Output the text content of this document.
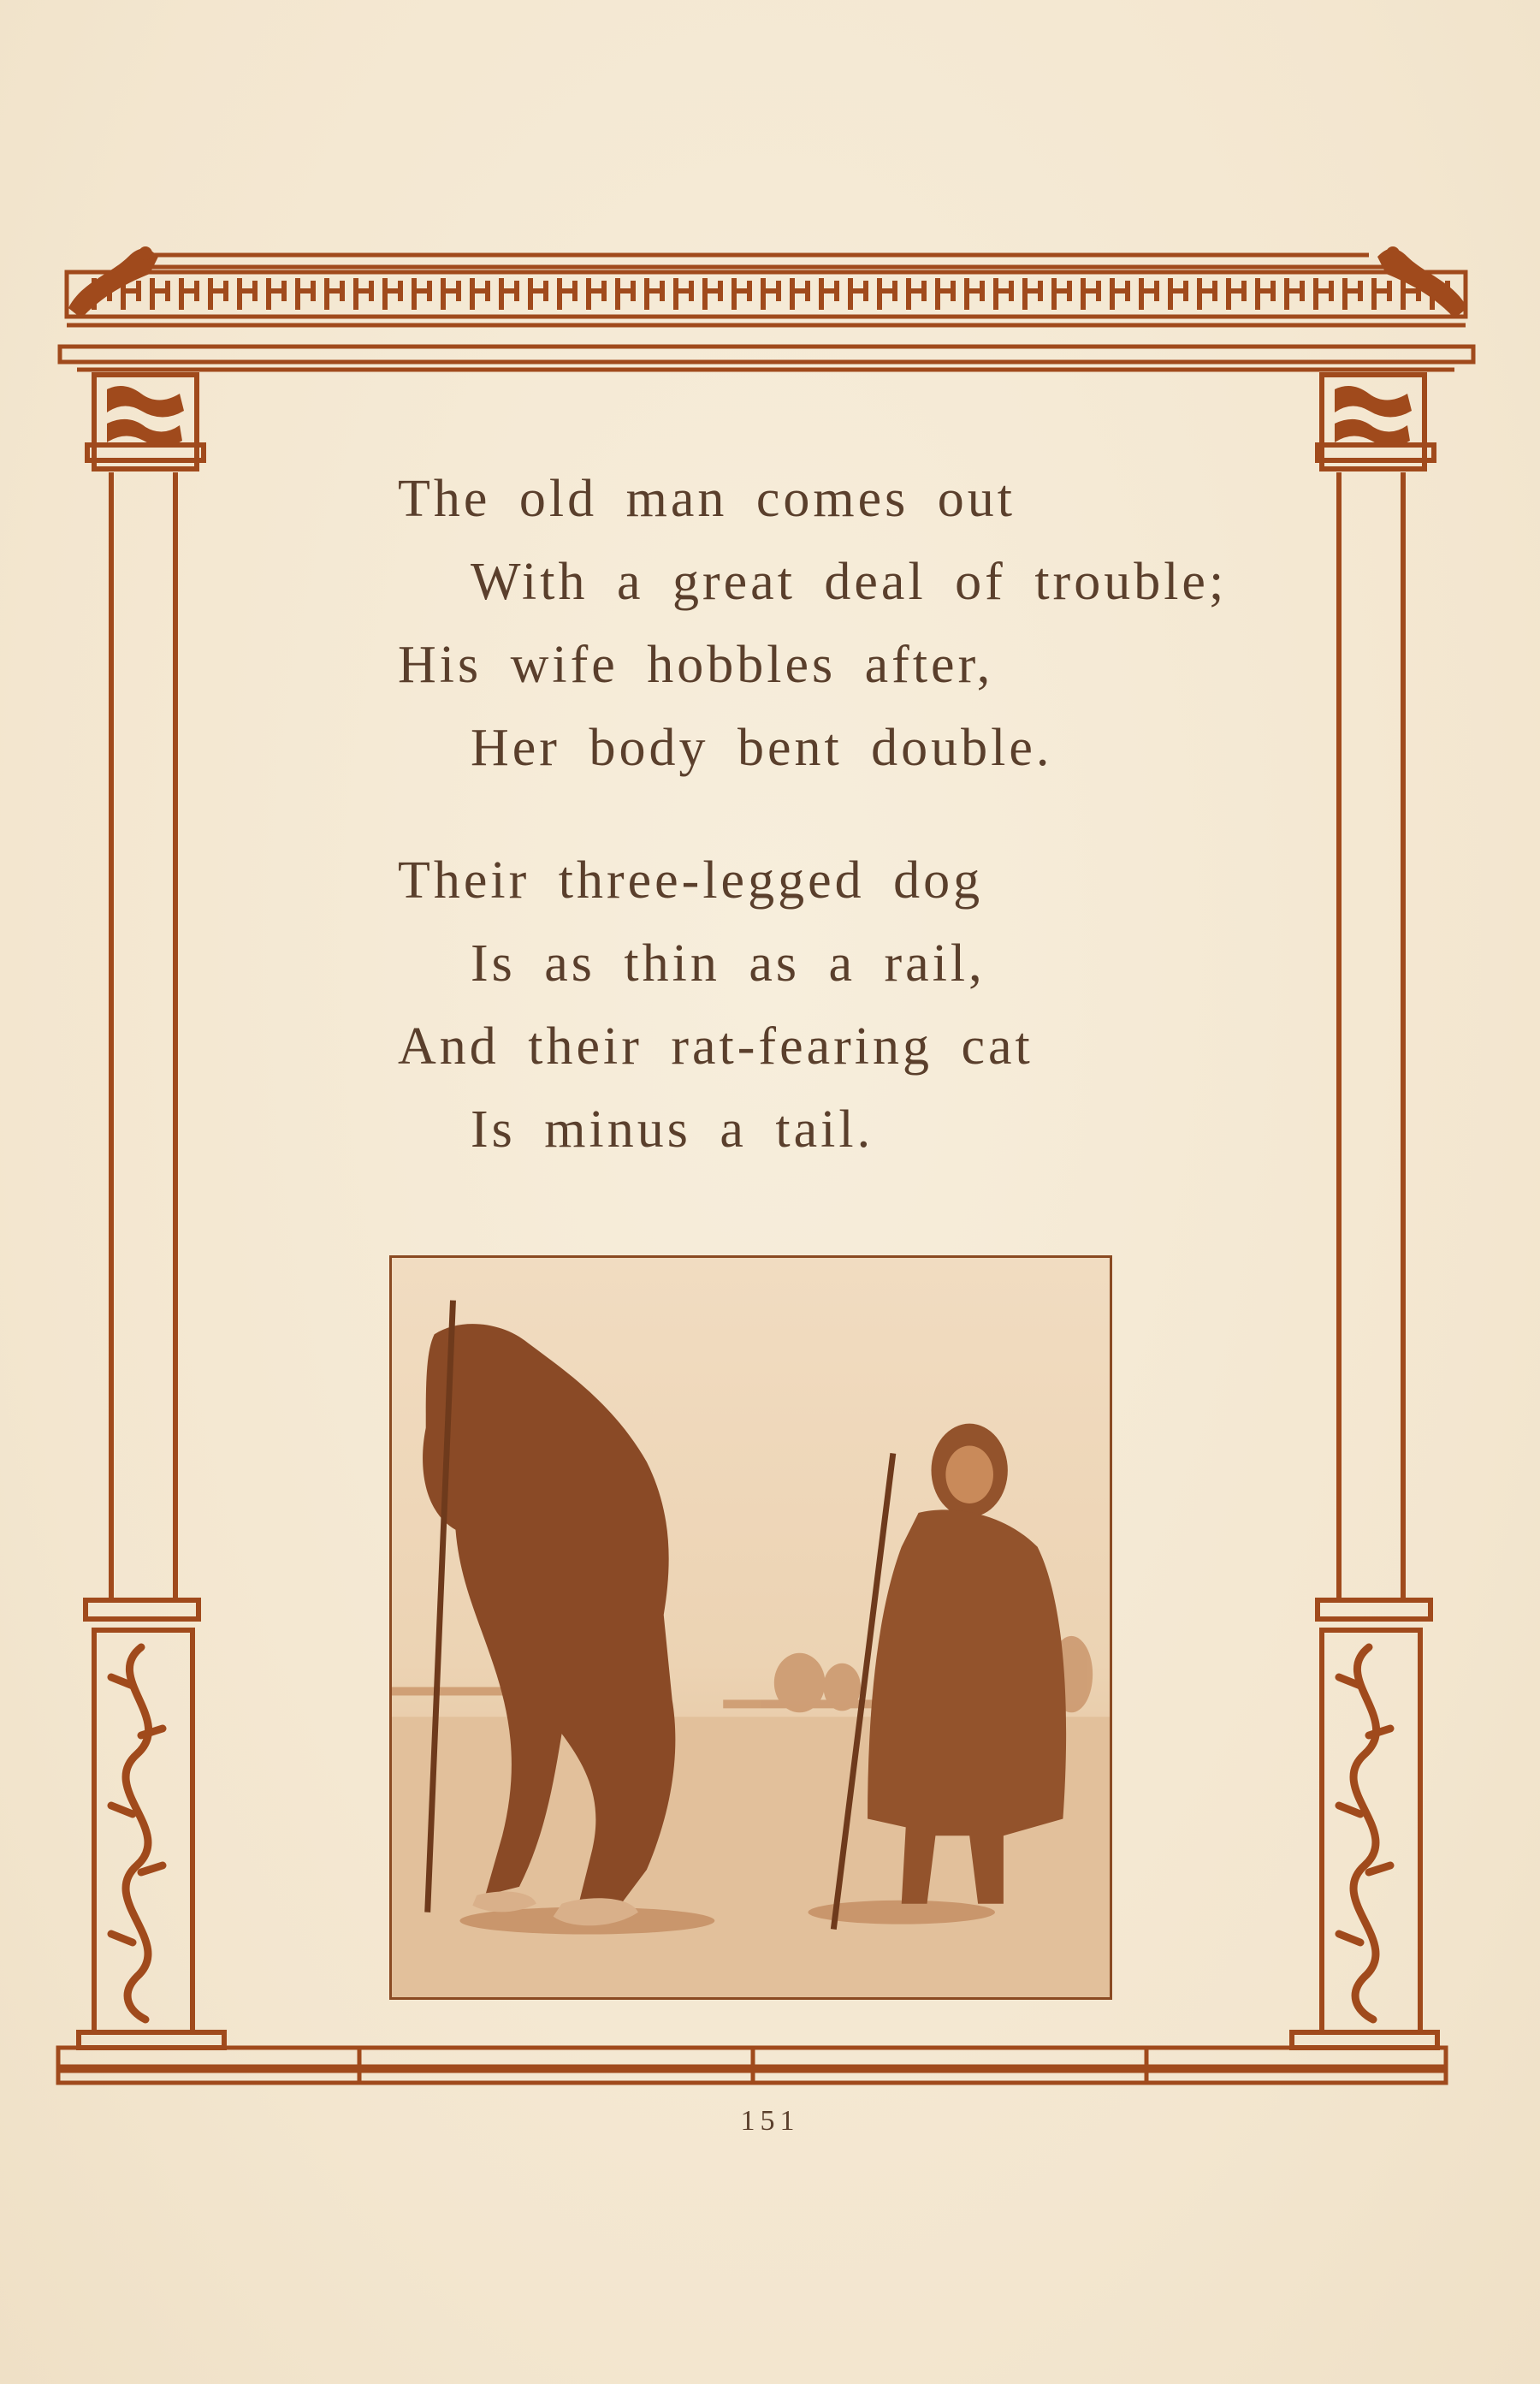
The old man comes out
With a great deal of trouble;
His wife hobbles after,
Her body bent double.
Their three-legged dog
Is as thin as a rail,
And their rat-fearing cat
Is minus a tail.
151
